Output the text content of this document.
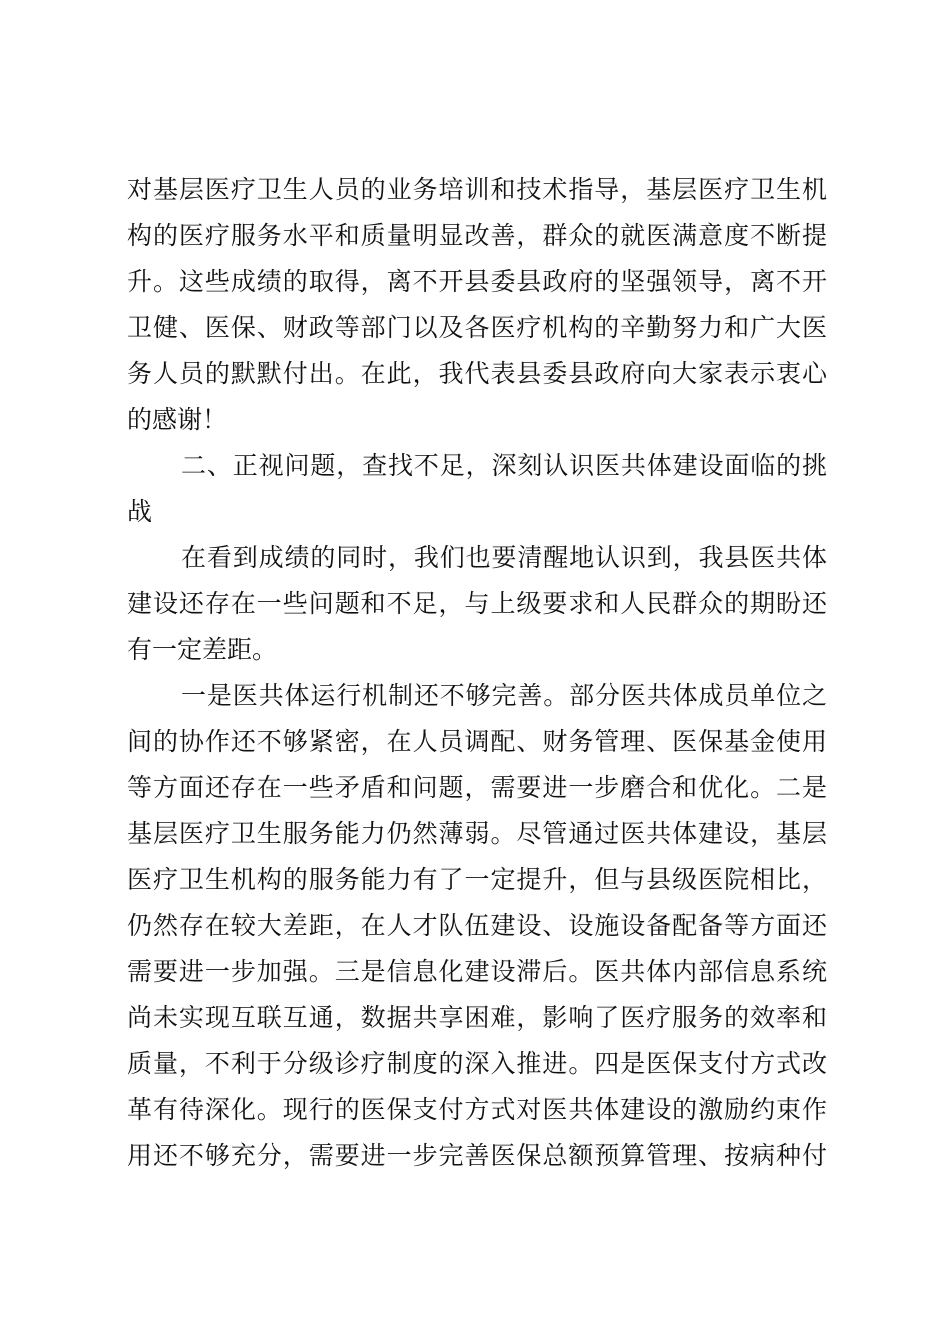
对基层医疗卫生人员的业务培训和技术指导，基层医疗卫生机
构的医疗服务水平和质量明显改善，群众的就医满意度不断提
升。这些成绩的取得，离不开县委县政府的坚强领导，离不开
卫健、医保、财政等部门以及各医疗机构的辛勤努力和广大医
务人员的默默付出。在此，我代表县委县政府向大家表示衷心
的感谢！
二、正视问题，查找不足，深刻认识医共体建设面临的挑
战
在看到成绩的同时，我们也要清醒地认识到，我县医共体
建设还存在一些问题和不足，与上级要求和人民群众的期盼还
有一定差距。
一是医共体运行机制还不够完善。部分医共体成员单位之
间的协作还不够紧密，在人员调配、财务管理、医保基金使用
等方面还存在一些矛盾和问题，需要进一步磨合和优化。二是
基层医疗卫生服务能力仍然薄弱。尽管通过医共体建设，基层
医疗卫生机构的服务能力有了一定提升，但与县级医院相比，
仍然存在较大差距，在人才队伍建设、设施设备配备等方面还
需要进一步加强。三是信息化建设滞后。医共体内部信息系统
尚未实现互联互通，数据共享困难，影响了医疗服务的效率和
质量，不利于分级诊疗制度的深入推进。四是医保支付方式改
革有待深化。现行的医保支付方式对医共体建设的激励约束作
用还不够充分，需要进一步完善医保总额预算管理、按病种付
